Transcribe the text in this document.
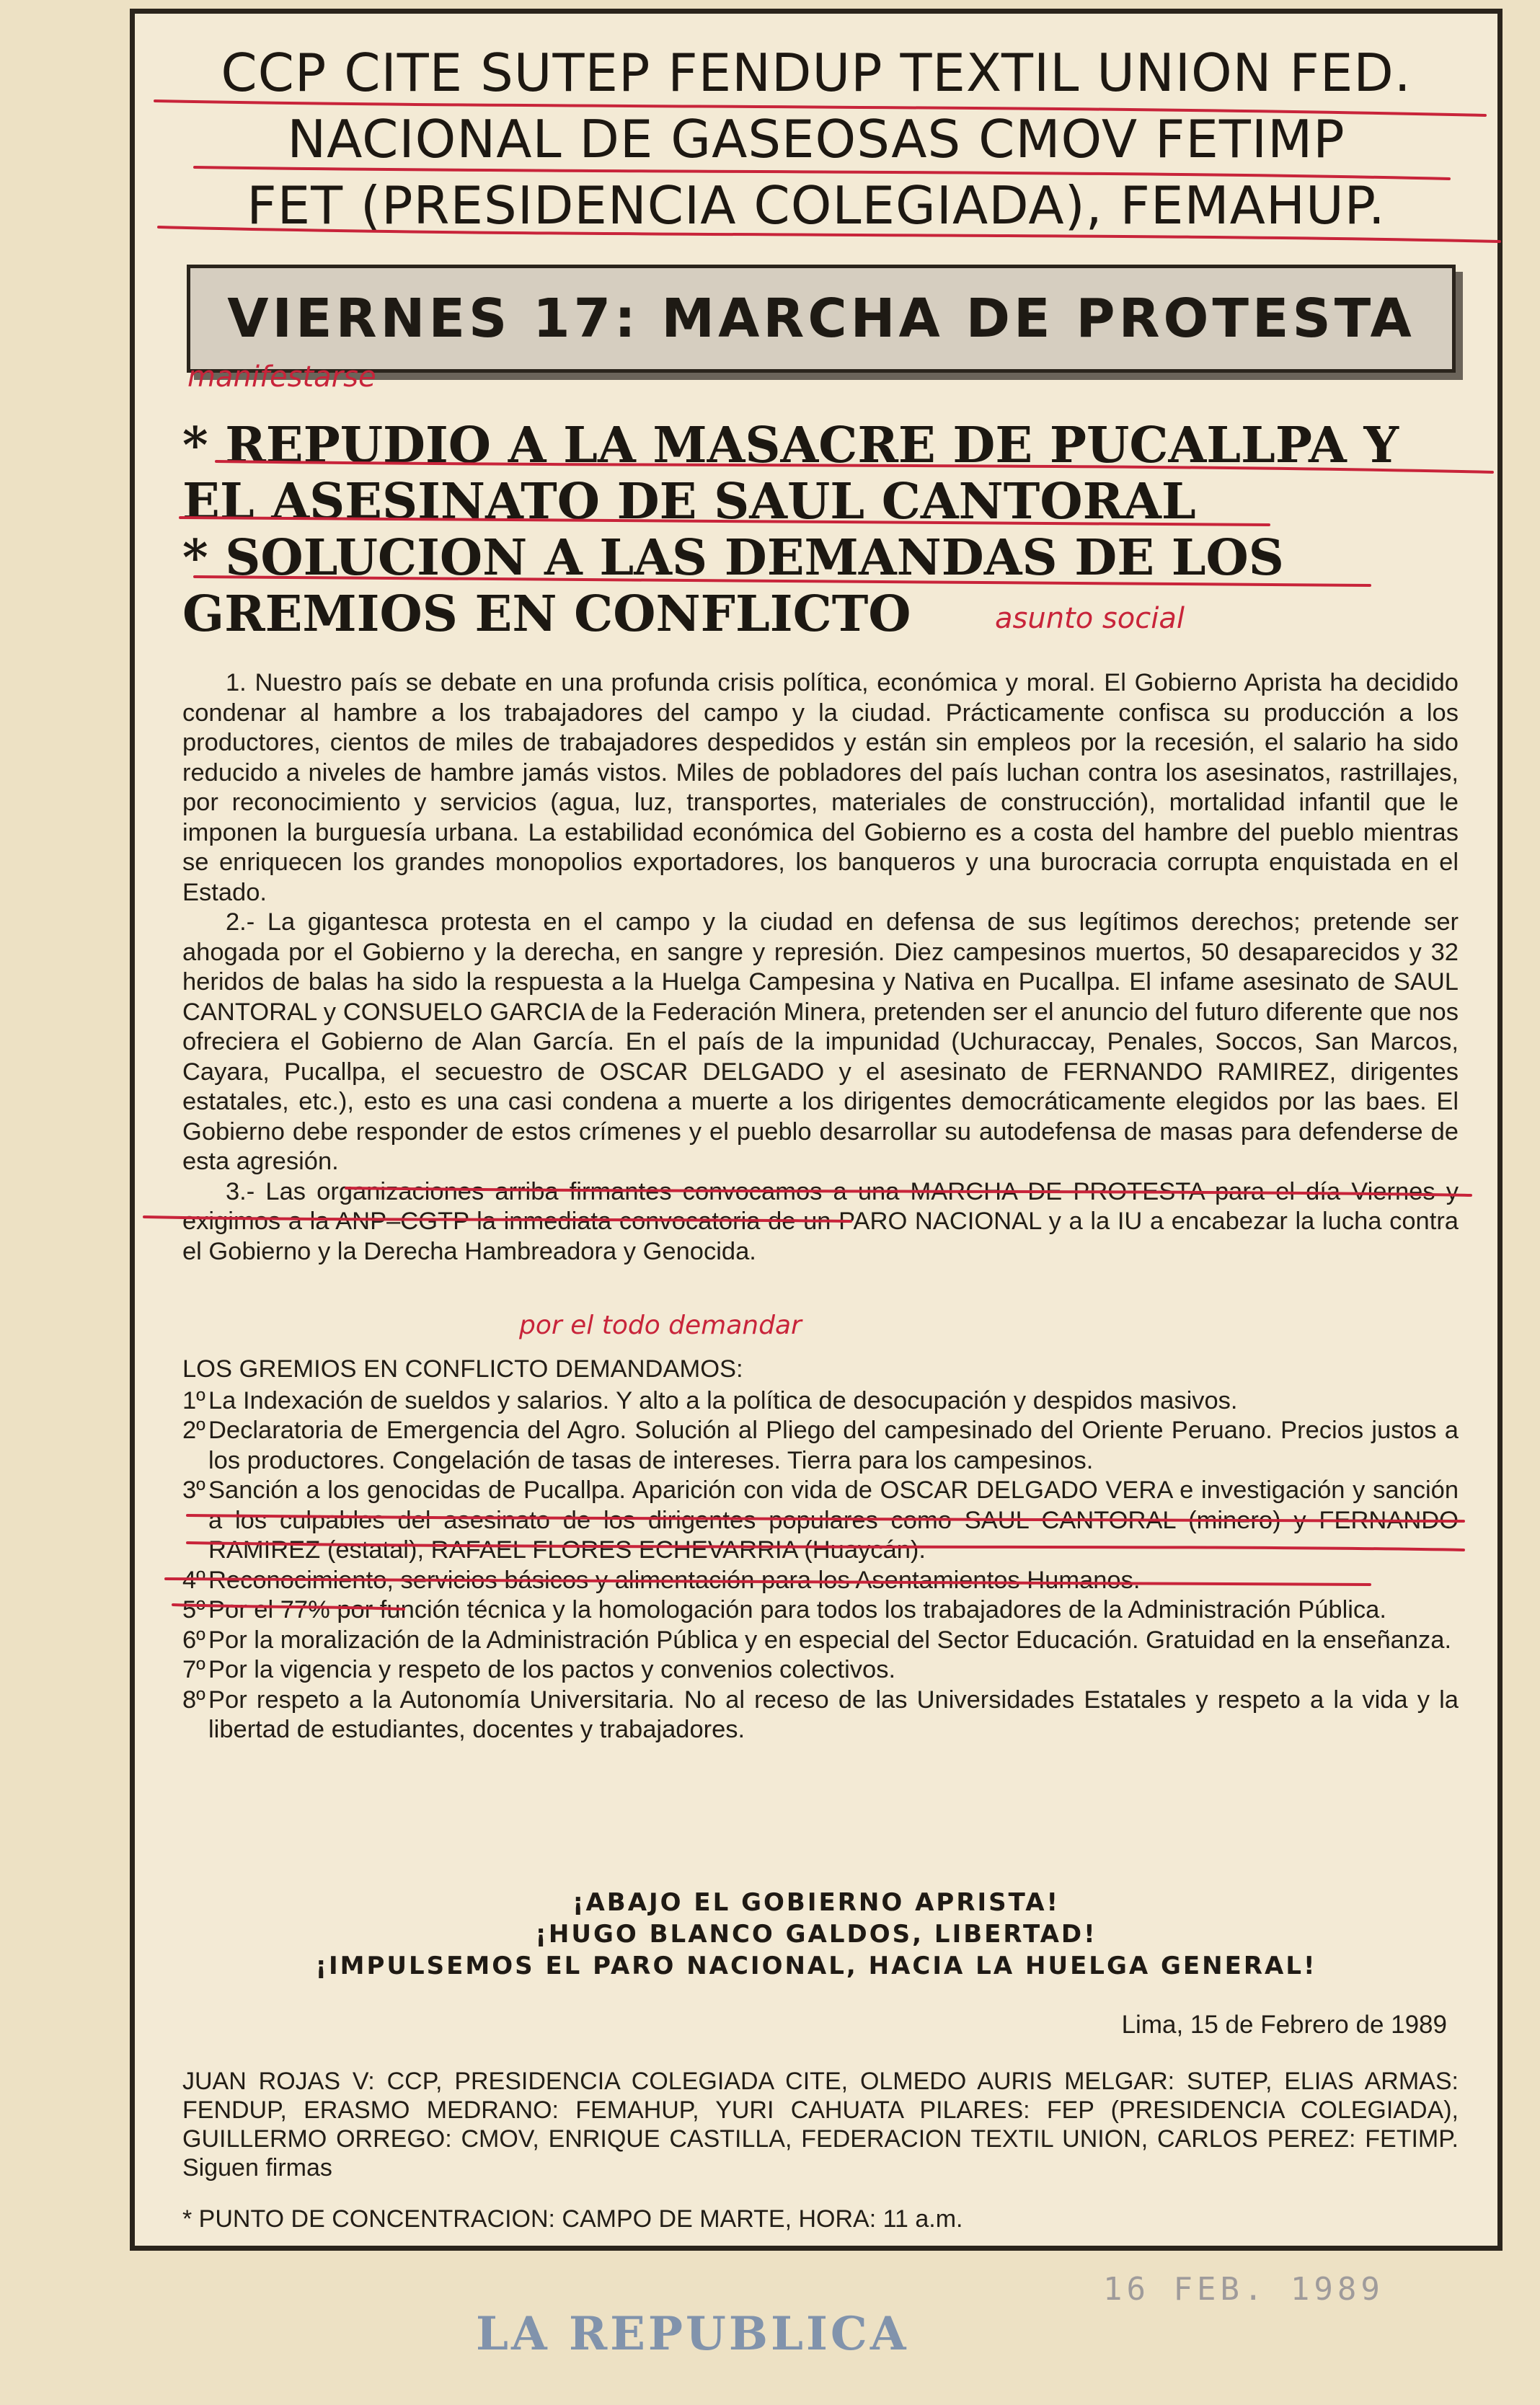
CCP CITE SUTEP FENDUP TEXTIL UNION FED.
NACIONAL DE GASEOSAS CMOV FETIMP
FET (PRESIDENCIA COLEGIADA), FEMAHUP.
VIERNES 17: MARCHA DE PROTESTA
* REPUDIO A LA MASACRE DE PUCALLPA Y
EL ASESINATO DE SAUL CANTORAL
* SOLUCION A LAS DEMANDAS DE LOS
GREMIOS EN CONFLICTO

1. Nuestro país se debate en una profunda crisis política, económica y moral. El Gobierno Aprista ha decidido condenar al hambre a los trabajadores del campo y la ciudad. Prácticamente confisca su producción a los productores, cientos de miles de trabajadores despedidos y están sin empleos por la recesión, el salario ha sido reducido a niveles de hambre jamás vistos. Miles de pobladores del país luchan contra los asesinatos, rastrillajes, por reconocimiento y servicios (agua, luz, transportes, materiales de construcción), mortalidad infantil que le imponen la burguesía urbana. La estabilidad económica del Gobierno es a costa del hambre del pueblo mientras se enriquecen los grandes monopolios exportadores, los banqueros y una burocracia corrupta enquistada en el Estado.

2.- La gigantesca protesta en el campo y la ciudad en defensa de sus legítimos derechos; pretende ser ahogada por el Gobierno y la derecha, en sangre y represión. Diez campesinos muertos, 50 desaparecidos y 32 heridos de balas ha sido la respuesta a la Huelga Campesina y Nativa en Pucallpa. El infame asesinato de SAUL CANTORAL y CONSUELO GARCIA de la Federación Minera, pretenden ser el anuncio del futuro diferente que nos ofreciera el Gobierno de Alan García. En el país de la impunidad (Uchuraccay, Penales, Soccos, San Marcos, Cayara, Pucallpa, el secuestro de OSCAR DELGADO y el asesinato de FERNANDO RAMIREZ, dirigentes estatales, etc.), esto es una casi condena a muerte a los dirigentes democráticamente elegidos por las baes. El Gobierno debe responder de estos crímenes y el pueblo desarrollar su autodefensa de masas para defenderse de esta agresión.

3.- Las organizaciones arriba firmantes convocamos a una MARCHA DE PROTESTA para el día Viernes y exigimos a la ANP–CGTP la inmediata convocatoria de un PARO NACIONAL y a la IU a encabezar la lucha contra el Gobierno y la Derecha Hambreadora y Genocida.

LOS GREMIOS EN CONFLICTO DEMANDAMOS:

1º La Indexación de sueldos y salarios. Y alto a la política de desocupación y despidos masivos.
2º Declaratoria de Emergencia del Agro. Solución al Pliego del campesinado del Oriente Peruano. Precios justos a los productores. Congelación de tasas de intereses. Tierra para los campesinos.
3º Sanción a los genocidas de Pucallpa. Aparición con vida de OSCAR DELGADO VERA e investigación y sanción a los culpables del asesinato de los dirigentes populares como SAUL CANTORAL (minero) y FERNANDO RAMIREZ (estatal), RAFAEL FLORES ECHEVARRIA (Huaycán).
4º Reconocimiento, servicios básicos y alimentación para los Asentamientos Humanos.
5º Por el 77% por función técnica y la homologación para todos los trabajadores de la Administración Pública.
6º Por la moralización de la Administración Pública y en especial del Sector Educación. Gratuidad en la enseñanza.
7º Por la vigencia y respeto de los pactos y convenios colectivos.
8º Por respeto a la Autonomía Universitaria. No al receso de las Universidades Estatales y respeto a la vida y la libertad de estudiantes, docentes y trabajadores.
¡ABAJO EL GOBIERNO APRISTA!
¡HUGO BLANCO GALDOS, LIBERTAD!
¡IMPULSEMOS EL PARO NACIONAL, HACIA LA HUELGA GENERAL!
Lima, 15 de Febrero de 1989
JUAN ROJAS V: CCP, PRESIDENCIA COLEGIADA CITE, OLMEDO AURIS MELGAR: SUTEP, ELIAS ARMAS: FENDUP, ERASMO MEDRANO: FEMAHUP, YURI CAHUATA PILARES: FEP (PRESIDENCIA COLEGIADA), GUILLERMO ORREGO: CMOV, ENRIQUE CASTILLA, FEDERACION TEXTIL UNION, CARLOS PEREZ: FETIMP. Siguen firmas
* PUNTO DE CONCENTRACION: CAMPO DE MARTE, HORA: 11 a.m.
manifestarse
asunto social
por el todo demandar
16 FEB. 1989
LA REPUBLICA
